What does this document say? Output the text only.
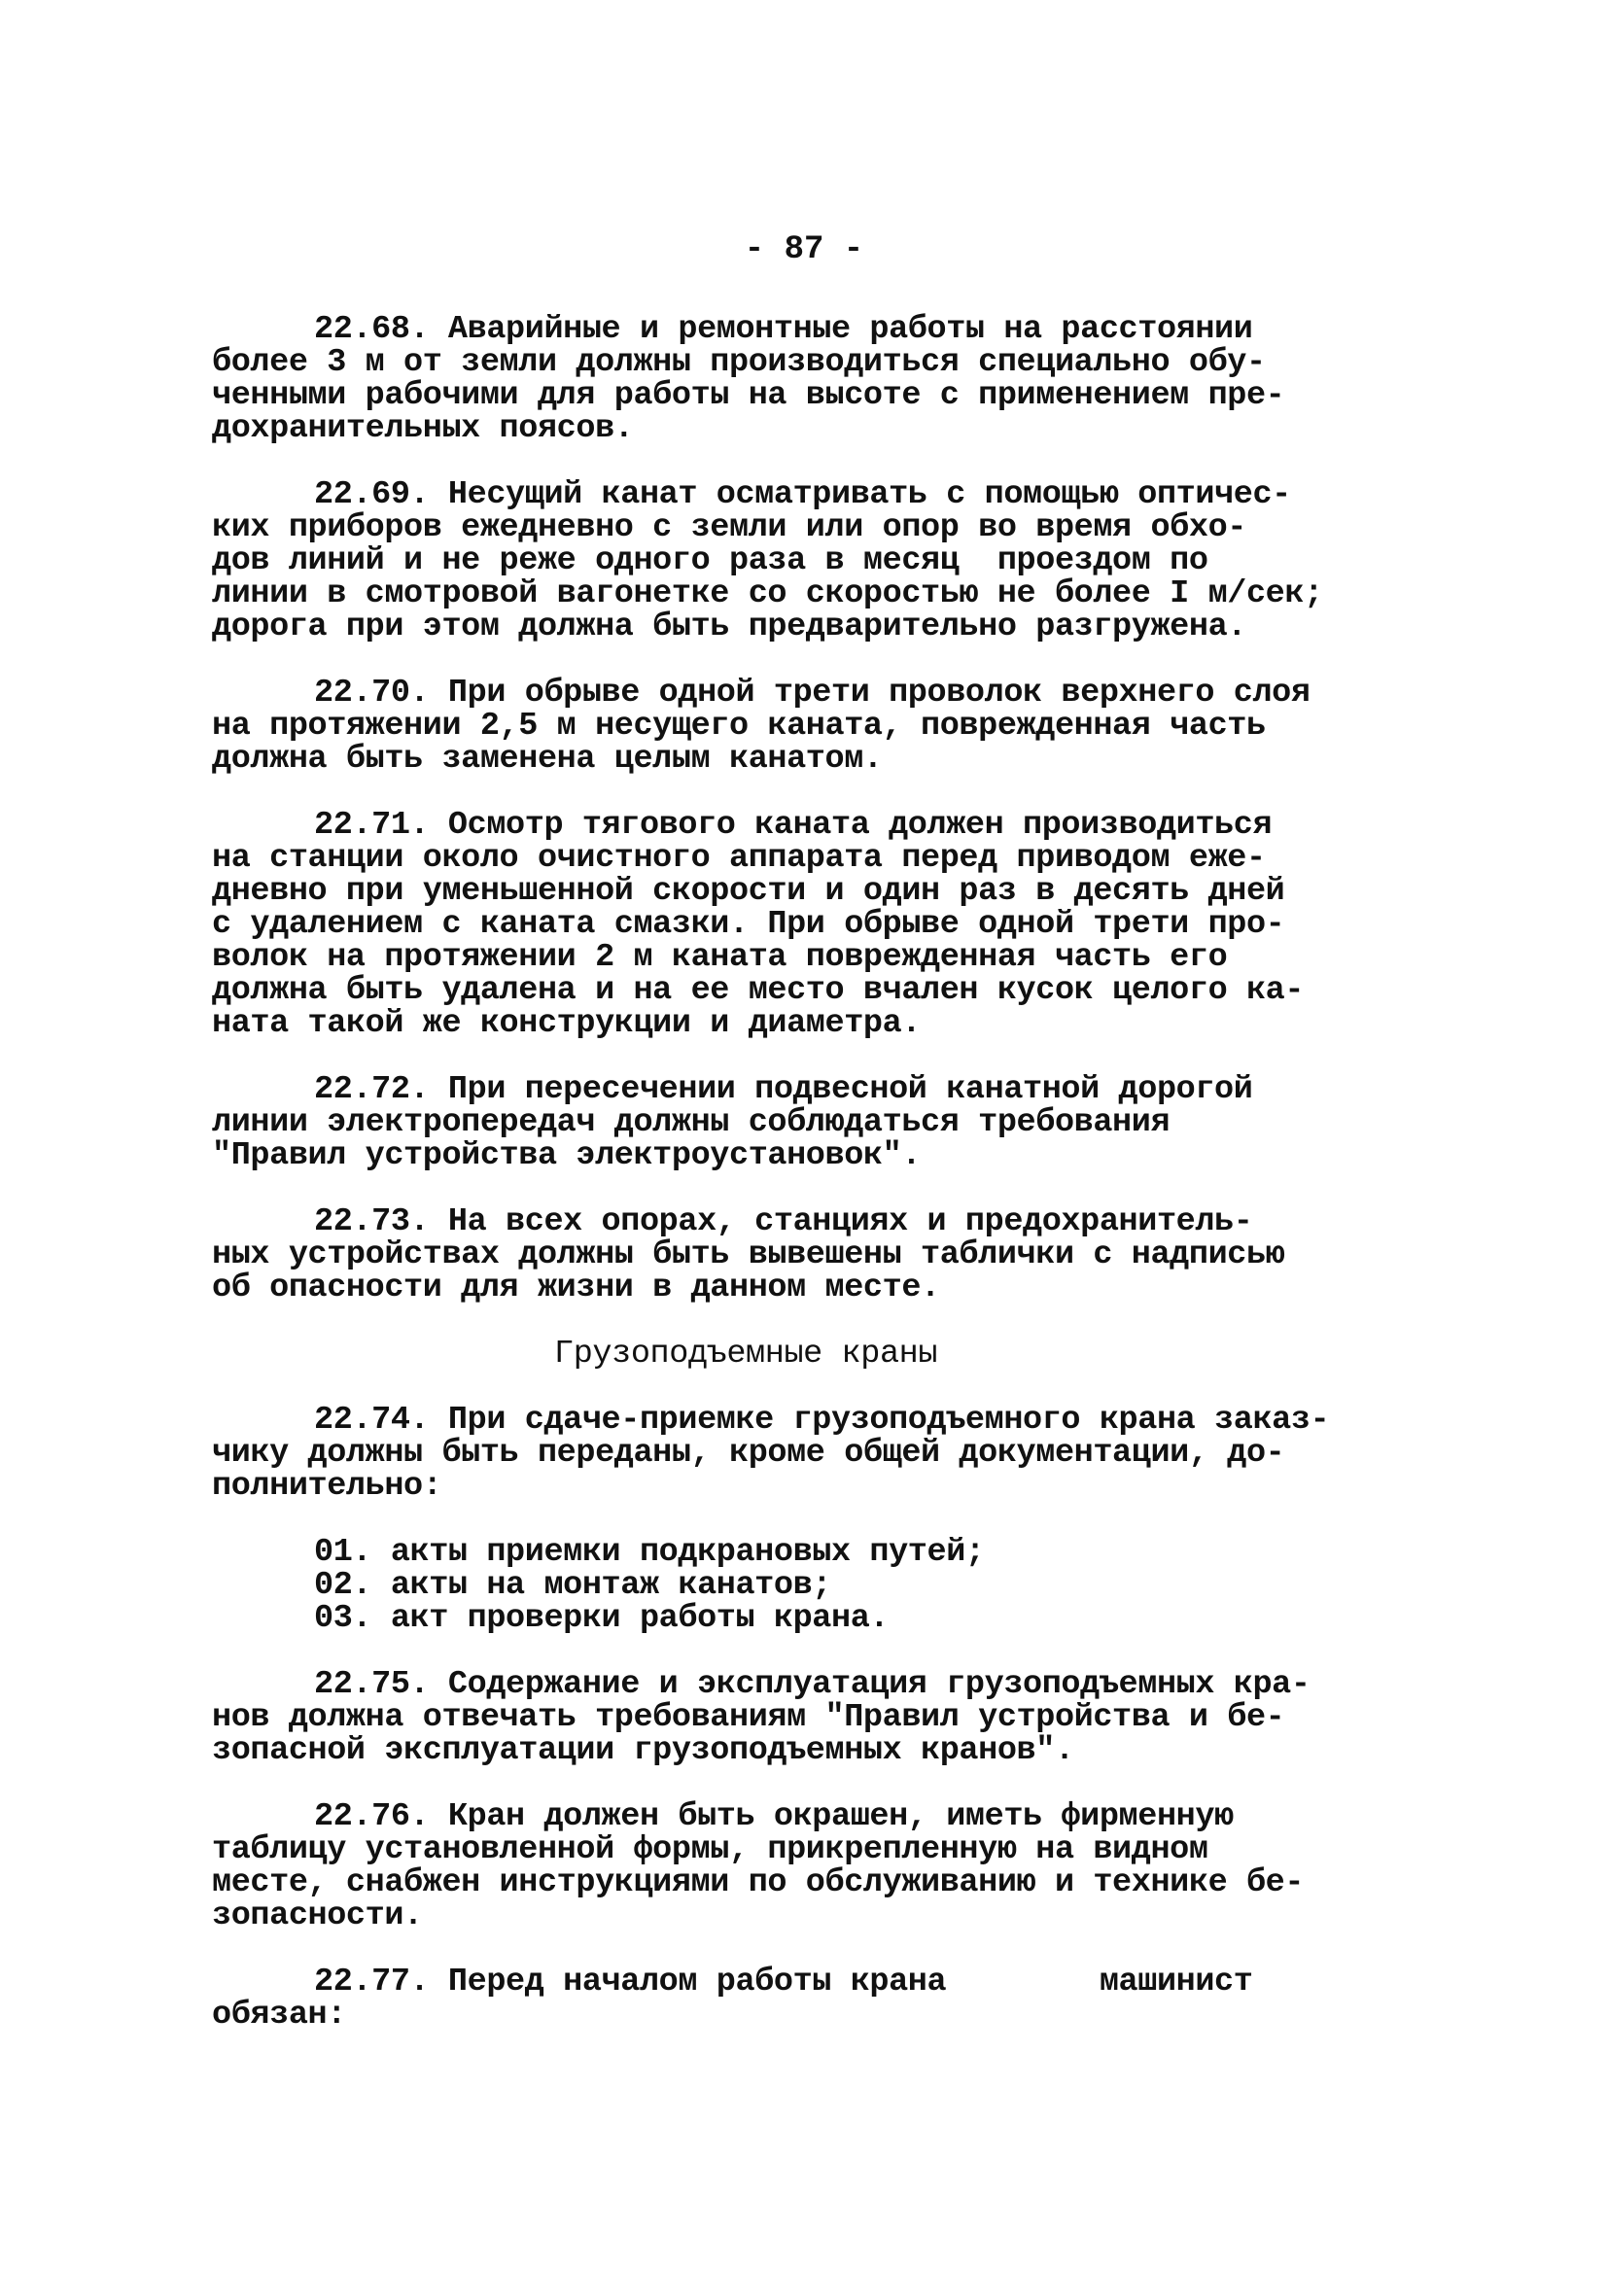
- 87 -
22.68. Аварийные и ремонтные работы на расстоянии
более 3 м от земли должны производиться специально обу-
ченными рабочими для работы на высоте с применением пре-
дохранительных поясов.
22.69. Несущий канат осматривать с помощью оптичес-
ких приборов ежедневно с земли или опор во время обхо-
дов линий и не реже одного раза в месяц  проездом по
линии в смотровой вагонетке со скоростью не более I м/сек;
дорога при этом должна быть предварительно разгружена.
22.70. При обрыве одной трети проволок верхнего слоя
на протяжении 2,5 м несущего каната, поврежденная часть
должна быть заменена целым канатом.
22.71. Осмотр тягового каната должен производиться
на станции около очистного аппарата перед приводом еже-
дневно при уменьшенной скорости и один раз в десять дней
с удалением с каната смазки. При обрыве одной трети про-
волок на протяжении 2 м каната поврежденная часть его
должна быть удалена и на ее место вчален кусок целого ка-
ната такой же конструкции и диаметра.
22.72. При пересечении подвесной канатной дорогой
линии электропередач должны соблюдаться требования
"Правил устройства электроустановок".
22.73. На всех опорах, станциях и предохранитель-
ных устройствах должны быть вывешены таблички с надписью
об опасности для жизни в данном месте.
Грузоподъемные краны
22.74. При сдаче-приемке грузоподъемного крана заказ-
чику должны быть переданы, кроме общей документации, до-
полнительно:
01. акты приемки подкрановых путей;
02. акты на монтаж канатов;
03. акт проверки работы крана.
22.75. Содержание и эксплуатация грузоподъемных кра-
нов должна отвечать требованиям "Правил устройства и бе-
зопасной эксплуатации грузоподъемных кранов".
22.76. Кран должен быть окрашен, иметь фирменную
таблицу установленной формы, прикрепленную на видном
месте, снабжен инструкциями по обслуживанию и технике бе-
зопасности.
22.77. Перед началом работы крана        машинист
обязан:
